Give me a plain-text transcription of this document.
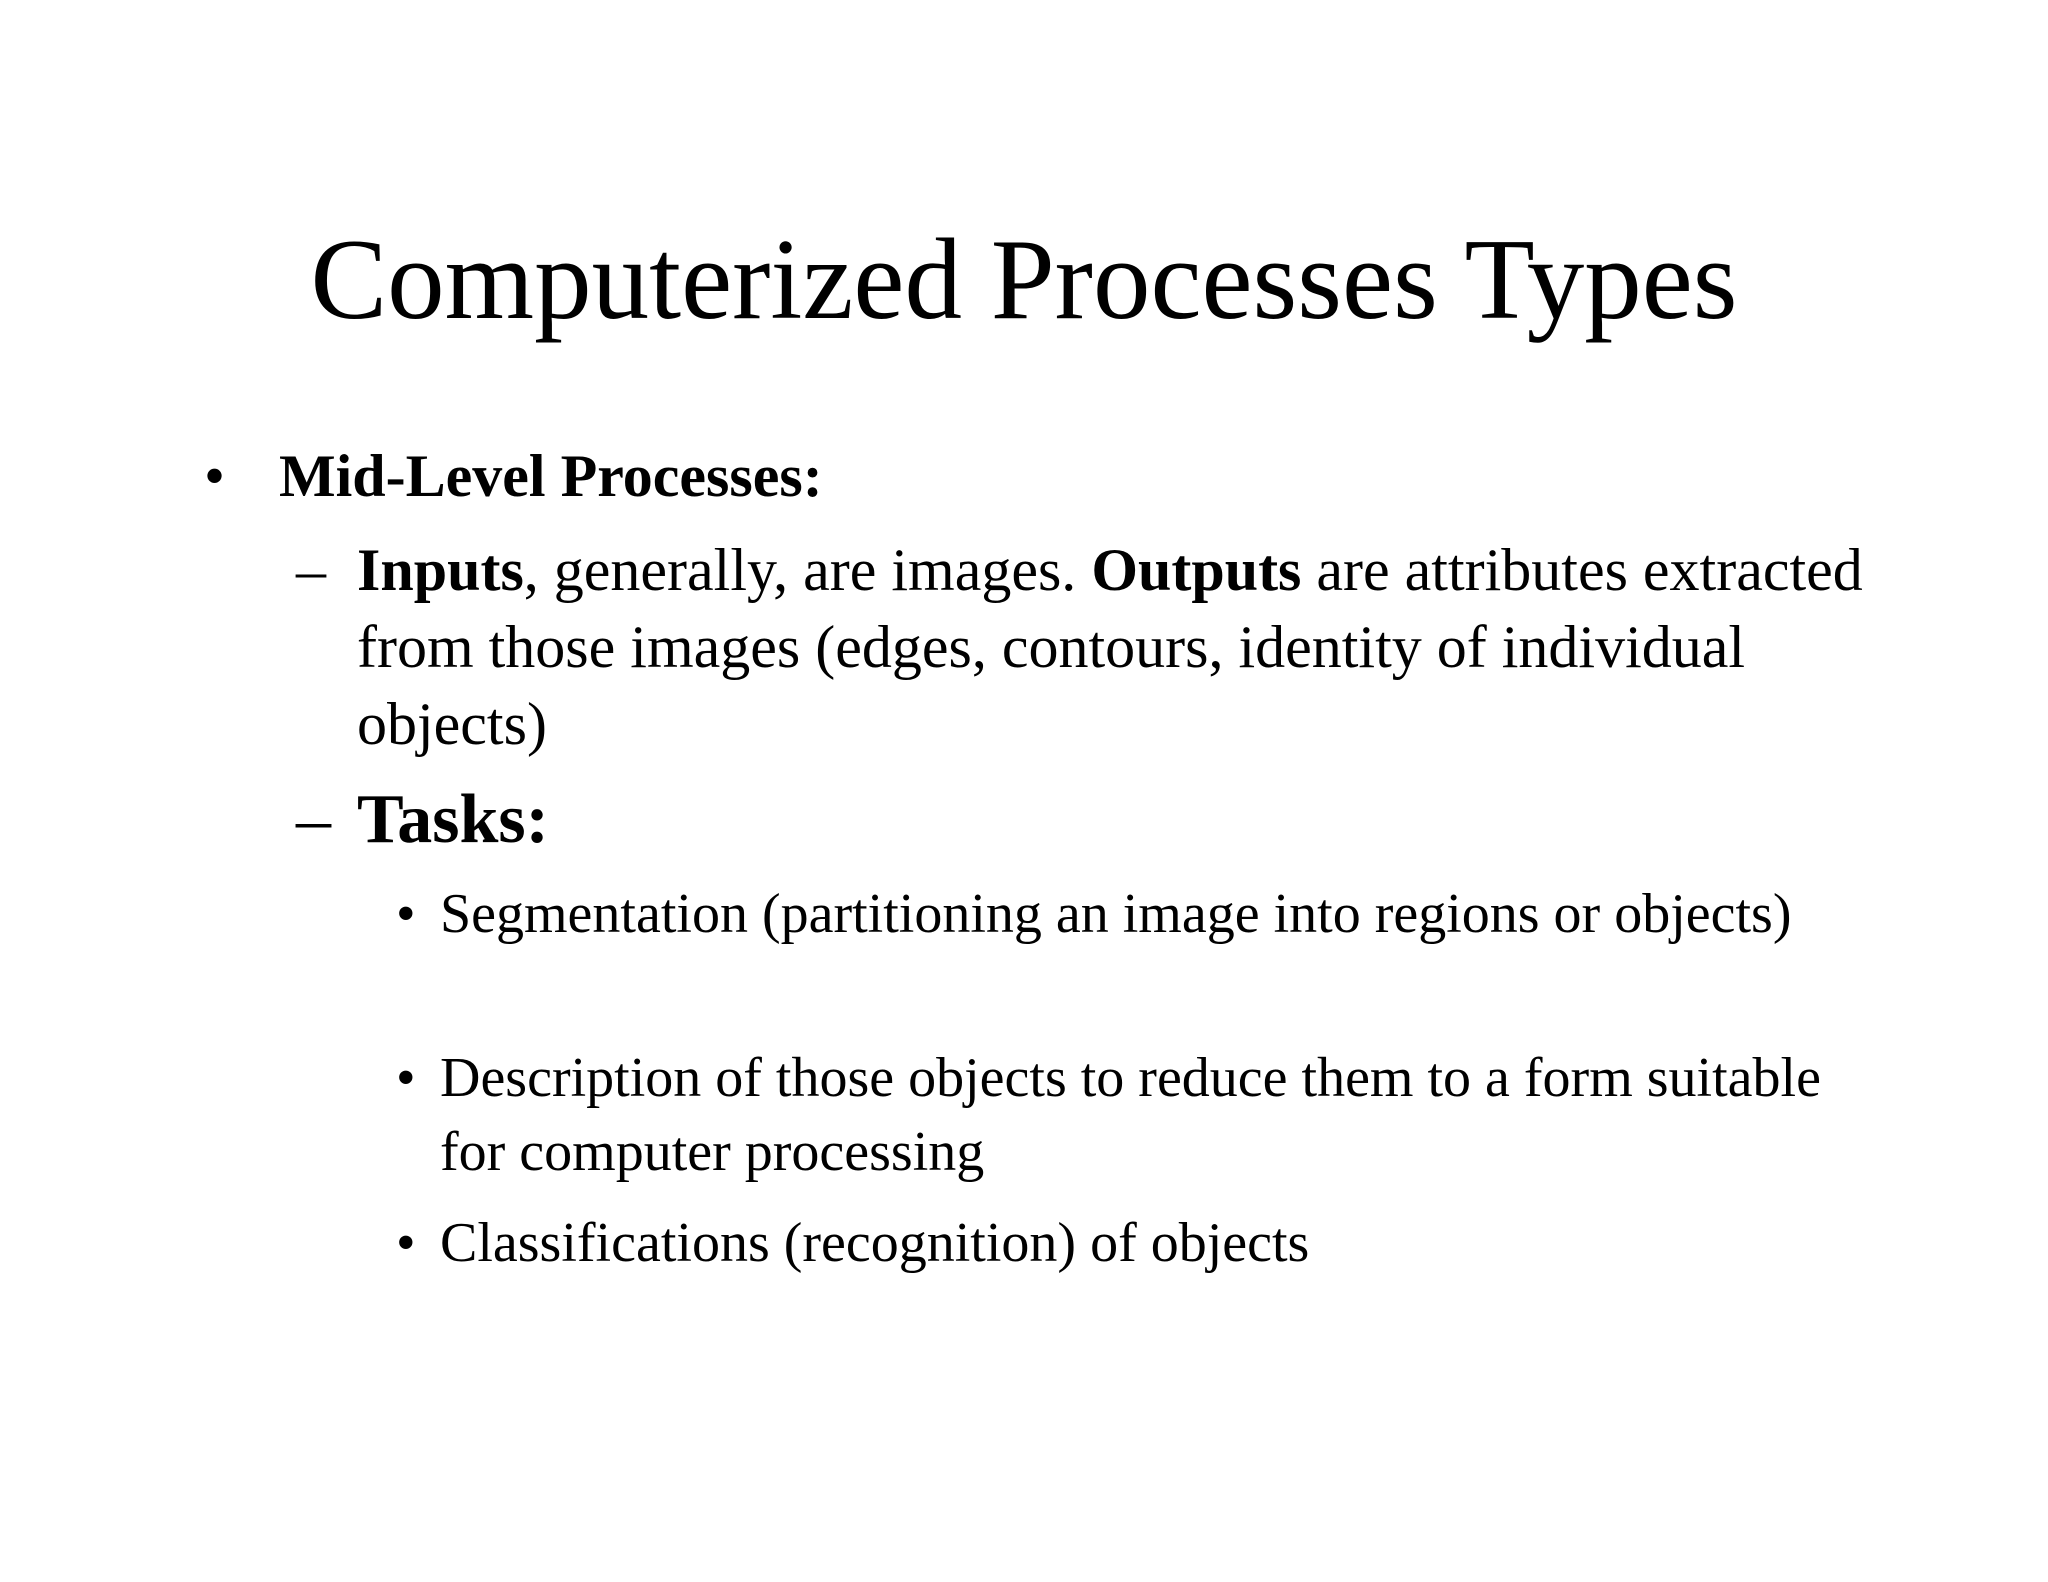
Computerized Processes Types
• Mid-Level Processes:
– Inputs, generally, are images. Outputs are attributes extracted from those images (edges, contours, identity of individual objects)
– Tasks:
• Segmentation (partitioning an image into regions or objects)
• Description of those objects to reduce them to a form suitable for computer processing
• Classifications (recognition) of objects
